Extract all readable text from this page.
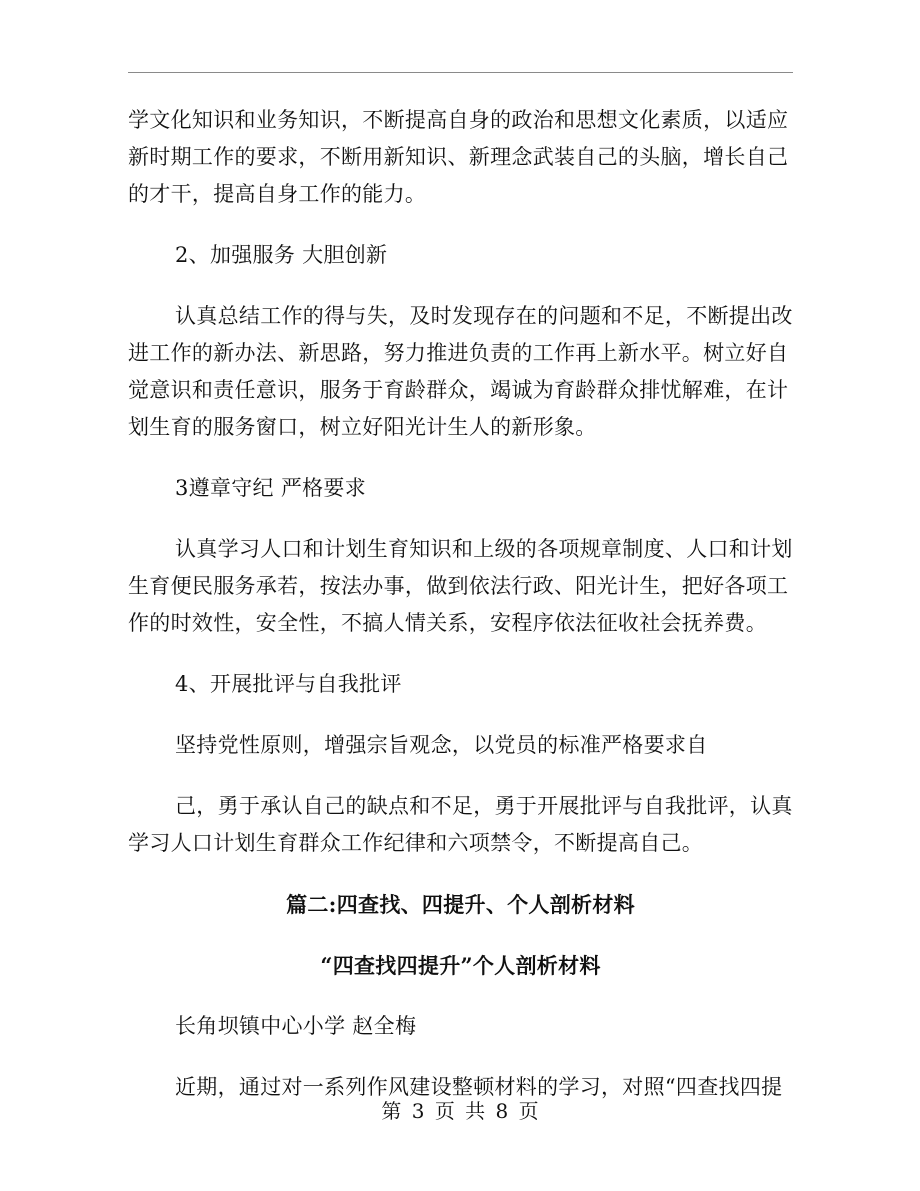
学文化知识和业务知识，不断提高自身的政治和思想文化素质，以适应新时期工作的要求，不断用新知识、新理念武装自己的头脑，增长自己的才干，提高自身工作的能力。

2、加强服务 大胆创新

认真总结工作的得与失，及时发现存在的问题和不足，不断提出改进工作的新办法、新思路，努力推进负责的工作再上新水平。树立好自觉意识和责任意识，服务于育龄群众，竭诚为育龄群众排忧解难，在计划生育的服务窗口，树立好阳光计生人的新形象。

3遵章守纪 严格要求

认真学习人口和计划生育知识和上级的各项规章制度、人口和计划生育便民服务承若，按法办事，做到依法行政、阳光计生，把好各项工作的时效性，安全性，不搞人情关系，安程序依法征收社会抚养费。

4、开展批评与自我批评

坚持党性原则，增强宗旨观念，以党员的标准严格要求自

己，勇于承认自己的缺点和不足，勇于开展批评与自我批评，认真学习人口计划生育群众工作纪律和六项禁令，不断提高自己。

篇二:四查找、四提升、个人剖析材料

“四查找四提升”个人剖析材料

长角坝镇中心小学 赵全梅

近期，通过对一系列作风建设整顿材料的学习，对照“四查找四提

第 3 页 共 8 页
